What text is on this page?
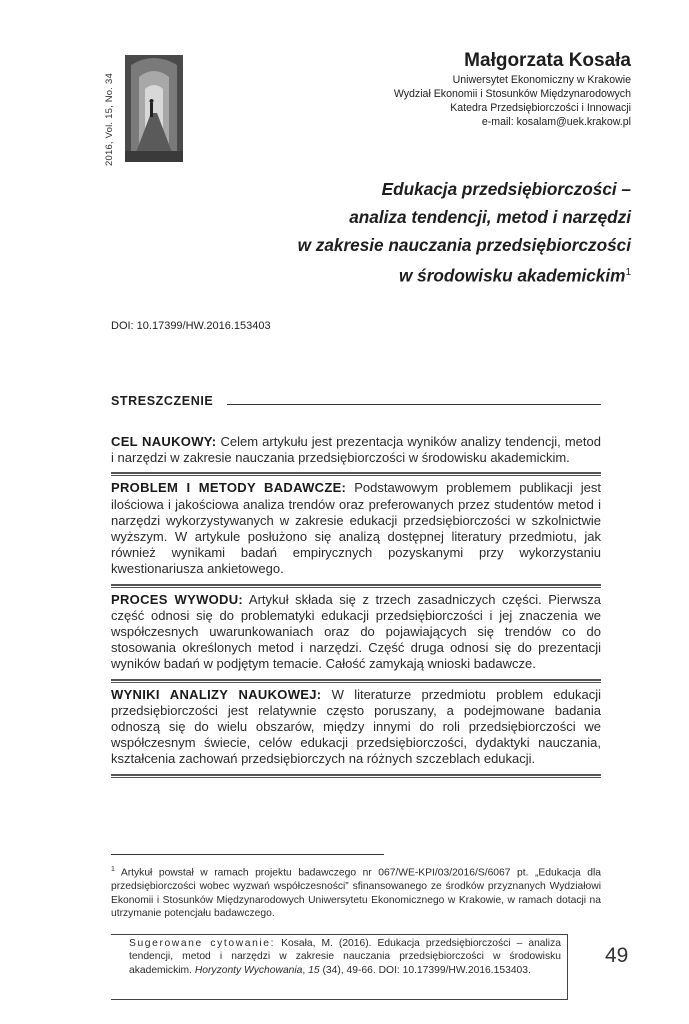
2016, Vol. 15, No. 34
Małgorzata Kosała
Uniwersytet Ekonomiczny w Krakowie
Wydział Ekonomii i Stosunków Międzynarodowych
Katedra Przedsiębiorczości i Innowacji
e-mail: kosalam@uek.krakow.pl
Edukacja przedsiębiorczości –
analiza tendencji, metod i narzędzi
w zakresie nauczania przedsiębiorczości
w środowisku akademickim$^1$
DOI: 10.17399/HW.2016.153403
STRESZCZENIE
CEL NAUKOWY: Celem artykułu jest prezentacja wyników analizy tendencji, metod i narzędzi w zakresie nauczania przedsiębiorczości w środowisku akademickim.
PROBLEM I METODY BADAWCZE: Podstawowym problemem publikacji jest ilościowa i jakościowa analiza trendów oraz preferowanych przez studentów metod i narzędzi wykorzystywanych w zakresie edukacji przedsiębiorczości w szkolnictwie wyższym. W artykule posłużono się analizą dostępnej literatury przedmiotu, jak również wynikami badań empirycznych pozyskanymi przy wykorzystaniu kwestionariusza ankietowego.
PROCES WYWODU: Artykuł składa się z trzech zasadniczych części. Pierwsza część odnosi się do problematyki edukacji przedsiębiorczości i jej znaczenia we współczesnych uwarunkowaniach oraz do pojawiających się trendów co do stosowania określonych metod i narzędzi. Część druga odnosi się do prezentacji wyników badań w podjętym temacie. Całość zamykają wnioski badawcze.
WYNIKI ANALIZY NAUKOWEJ: W literaturze przedmiotu problem edukacji przedsiębiorczości jest relatywnie często poruszany, a podejmowane badania odnoszą się do wielu obszarów, między innymi do roli przedsiębiorczości we współczesnym świecie, celów edukacji przedsiębiorczości, dydaktyki nauczania, kształcenia zachowań przedsiębiorczych na różnych szczeblach edukacji.
$^1$ Artykuł powstał w ramach projektu badawczego nr 067/WE-KPI/03/2016/S/6067 pt. „Edukacja dla przedsiębiorczości wobec wyzwań współczesności” sfinansowanego ze środków przyznanych Wydziałowi Ekonomii i Stosunków Międzynarodowych Uniwersytetu Ekonomicznego w Krakowie, w ramach dotacji na utrzymanie potencjału badawczego.
Sugerowane cytowanie: Kosała, M. (2016). Edukacja przedsiębiorczości – analiza tendencji, metod i narzędzi w zakresie nauczania przedsiębiorczości w środowisku akademickim. Horyzonty Wychowania, 15 (34), 49-66. DOI: 10.17399/HW.2016.153403.
49
